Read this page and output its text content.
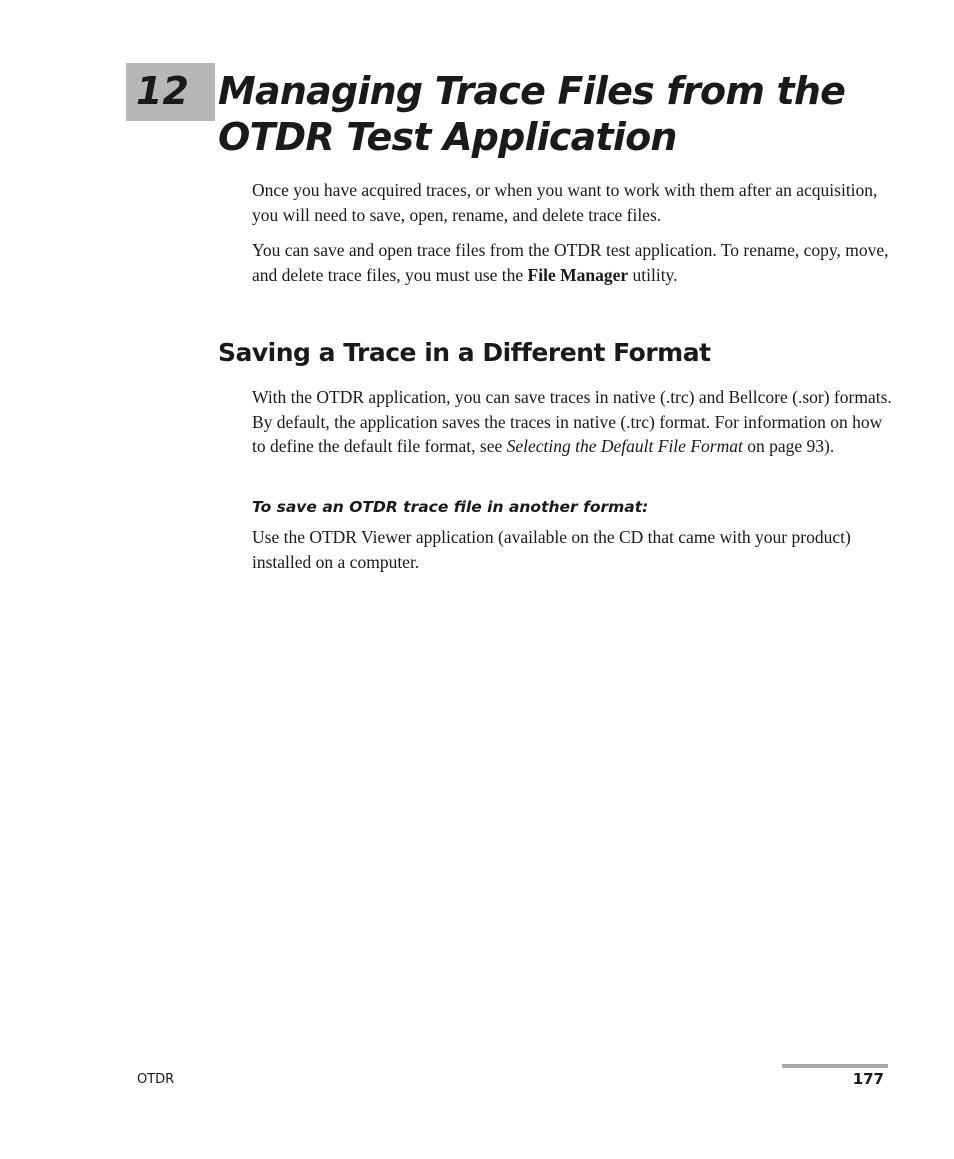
12 Managing Trace Files from the
OTDR Test Application

Once you have acquired traces, or when you want to work with them after an acquisition, you will need to save, open, rename, and delete trace files.

You can save and open trace files from the OTDR test application. To rename, copy, move, and delete trace files, you must use the File Manager utility.

Saving a Trace in a Different Format

With the OTDR application, you can save traces in native (.trc) and Bellcore (.sor) formats. By default, the application saves the traces in native (.trc) format. For information on how to define the default file format, see Selecting the Default File Format on page 93).

To save an OTDR trace file in another format:

Use the OTDR Viewer application (available on the CD that came with your product) installed on a computer.

OTDR	177
